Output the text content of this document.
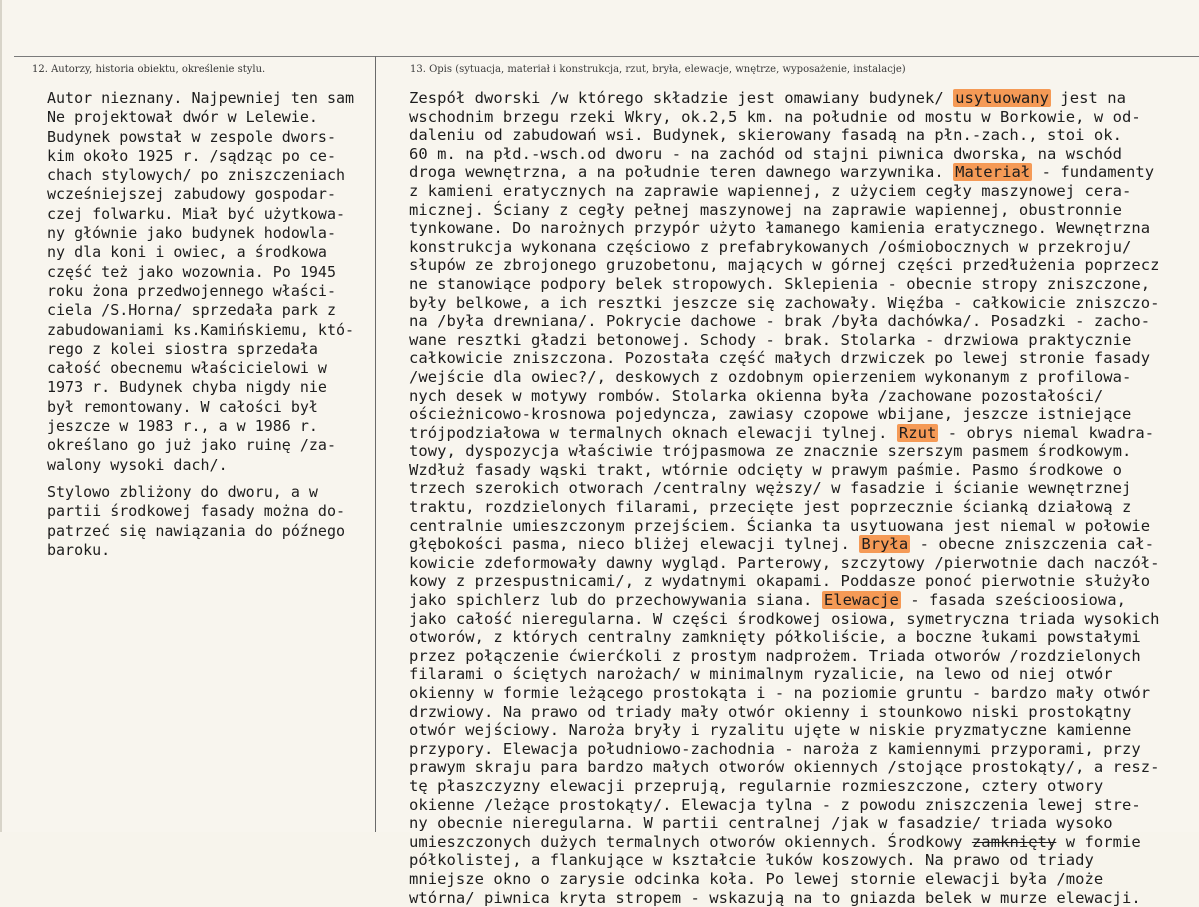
12. Autorzy, historia obiektu, określenie stylu.	13. Opis (sytuacja, materiał i konstrukcja, rzut, bryła, elewacje, wnętrze, wyposażenie, instalacje)
Autor nieznany. Najpewniej ten sam
Ne projektował dwór w Lelewie.
Budynek powstał w zespole dwors-
kim około 1925 r. /sądząc po ce-
chach stylowych/ po zniszczeniach
wcześniejszej zabudowy gospodar-
czej folwarku. Miał być użytkowa-
ny głównie jako budynek hodowla-
ny dla koni i owiec, a środkowa
część też jako wozownia. Po 1945
roku żona przedwojennego właści-
ciela /S.Horna/ sprzedała park z
zabudowaniami ks.Kamińskiemu, któ-
rego z kolei siostra sprzedała
całość obecnemu właścicielowi w
1973 r. Budynek chyba nigdy nie
był remontowany. W całości był
jeszcze w 1983 r., a w 1986 r.
określano go już jako ruinę /za-
walony wysoki dach/.
Stylowo zbliżony do dworu, a w
partii środkowej fasady można do-
patrzeć się nawiązania do późnego
baroku.
Zespół dworski /w którego składzie jest omawiany budynek/ usytuowany jest na
wschodnim brzegu rzeki Wkry, ok.2,5 km. na południe od mostu w Borkowie, w od-
daleniu od zabudowań wsi. Budynek, skierowany fasadą na płn.-zach., stoi ok.
60 m. na płd.-wsch.od dworu - na zachód od stajni piwnica dworska, na wschód
droga wewnętrzna, a na południe teren dawnego warzywnika. Materiał - fundamenty
z kamieni eratycznych na zaprawie wapiennej, z użyciem cegły maszynowej cera-
micznej. Ściany z cegły pełnej maszynowej na zaprawie wapiennej, obustronnie
tynkowane. Do narożnych przypór użyto łamanego kamienia eratycznego. Wewnętrzna
konstrukcja wykonana częściowo z prefabrykowanych /ośmiobocznych w przekroju/
słupów ze zbrojonego gruzobetonu, mających w górnej części przedłużenia poprzecz
ne stanowiące podpory belek stropowych. Sklepienia - obecnie stropy zniszczone,
były belkowe, a ich resztki jeszcze się zachowały. Więźba - całkowicie zniszczo-
na /była drewniana/. Pokrycie dachowe - brak /była dachówka/. Posadzki - zacho-
wane resztki gładzi betonowej. Schody - brak. Stolarka - drzwiowa praktycznie
całkowicie zniszczona. Pozostała część małych drzwiczek po lewej stronie fasady
/wejście dla owiec?/, deskowych z ozdobnym opierzeniem wykonanym z profilowa-
nych desek w motywy rombów. Stolarka okienna była /zachowane pozostałości/
ościeżnicowo-krosnowa pojedyncza, zawiasy czopowe wbijane, jeszcze istniejące
trójpodziałowa w termalnych oknach elewacji tylnej. Rzut - obrys niemal kwadra-
towy, dyspozycja właściwie trójpasmowa ze znacznie szerszym pasmem środkowym.
Wzdłuż fasady wąski trakt, wtórnie odcięty w prawym paśmie. Pasmo środkowe o
trzech szerokich otworach /centralny węższy/ w fasadzie i ścianie wewnętrznej
traktu, rozdzielonych filarami, przecięte jest poprzecznie ścianką działową z
centralnie umieszczonym przejściem. Ścianka ta usytuowana jest niemal w połowie
głębokości pasma, nieco bliżej elewacji tylnej. Bryła - obecne zniszczenia cał-
kowicie zdeformowały dawny wygląd. Parterowy, szczytowy /pierwotnie dach naczół-
kowy z przespustnicami/, z wydatnymi okapami. Poddasze ponoć pierwotnie służyło
jako spichlerz lub do przechowywania siana. Elewacje - fasada sześcioosiowa,
jako całość nieregularna. W części środkowej osiowa, symetryczna triada wysokich
otworów, z których centralny zamknięty półkoliście, a boczne łukami powstałymi
przez połączenie ćwierćkoli z prostym nadprożem. Triada otworów /rozdzielonych
filarami o ściętych narożach/ w minimalnym ryzalicie, na lewo od niej otwór
okienny w formie leżącego prostokąta i - na poziomie gruntu - bardzo mały otwór
drzwiowy. Na prawo od triady mały otwór okienny i stounkowo niski prostokątny
otwór wejściowy. Naroża bryły i ryzalitu ujęte w niskie pryzmatyczne kamienne
przypory. Elewacja południowo-zachodnia - naroża z kamiennymi przyporami, przy
prawym skraju para bardzo małych otworów okiennych /stojące prostokąty/, a resz-
tę płaszczyzny elewacji przeprują, regularnie rozmieszczone, cztery otwory
okienne /leżące prostokąty/. Elewacja tylna - z powodu zniszczenia lewej stre-
ny obecnie nieregularna. W partii centralnej /jak w fasadzie/ triada wysoko
umieszczonych dużych termalnych otworów okiennych. Środkowy zamknięty w formie
półkolistej, a flankujące w kształcie łuków koszowych. Na prawo od triady
mniejsze okno o zarysie odcinka koła. Po lewej stornie elewacji była /może
wtórna/ piwnica kryta stropem - wskazują na to gniazda belek w murze elewacji.
